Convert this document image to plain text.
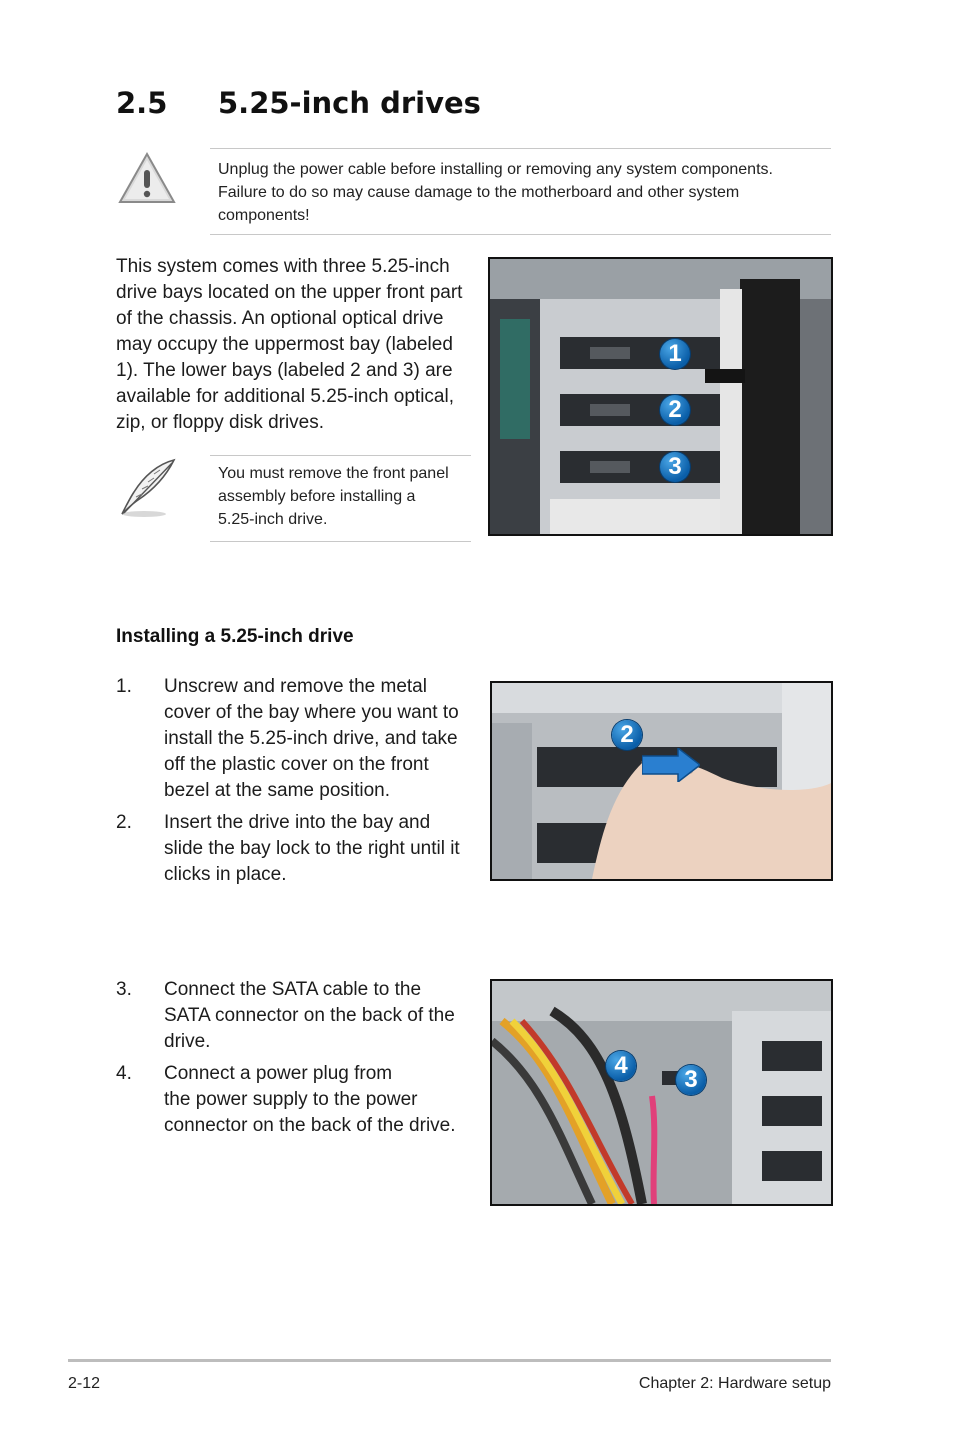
2.5 5.25-inch drives
Unplug the power cable before installing or removing any system components.
Failure to do so may cause damage to the motherboard and other system
components!
This system comes with three 5.25-inch
drive bays located on the upper front part
of the chassis. An optional optical drive
may occupy the uppermost bay (labeled
1). The lower bays (labeled 2 and 3) are
available for additional 5.25-inch optical,
zip, or floppy disk drives.
You must remove the front panel
assembly before installing a
5.25-inch drive.
1
2
3
Installing a 5.25-inch drive
1. Unscrew and remove the metal
cover of the bay where you want to
install the 5.25-inch drive, and take
off the plastic cover on the front
bezel at the same position.
2. Insert the drive into the bay and
slide the bay lock to the right until it
clicks in place.
2
3. Connect the SATA cable to the
SATA connector on the back of the
drive.
4. Connect a power plug from
the power supply to the power
connector on the back of the drive.
4
3
2-12	Chapter 2: Hardware setup
